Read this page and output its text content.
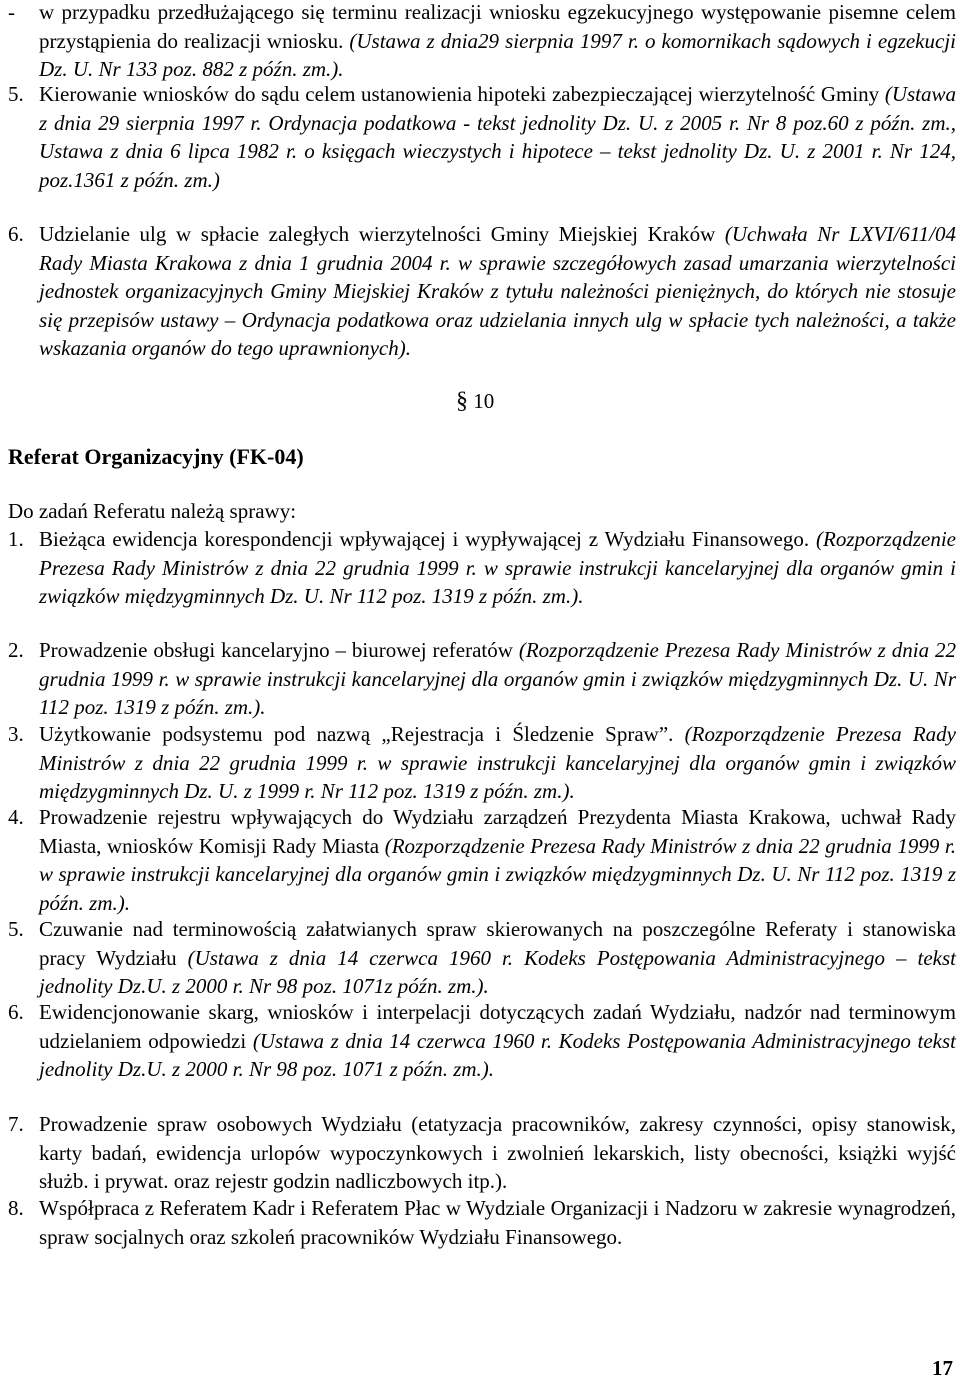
- w przypadku przedłużającego się terminu realizacji wniosku egzekucyjnego występowanie pisemne celem przystąpienia do realizacji wniosku. (Ustawa z dnia29 sierpnia 1997 r. o komornikach sądowych i egzekucji Dz. U. Nr 133 poz. 882 z późn. zm.).
5. Kierowanie wniosków do sądu celem ustanowienia hipoteki zabezpieczającej wierzytelność Gminy (Ustawa z dnia 29 sierpnia 1997 r. Ordynacja podatkowa - tekst jednolity Dz. U. z 2005 r. Nr 8 poz.60 z późn. zm., Ustawa z dnia 6 lipca 1982 r. o księgach wieczystych i hipotece – tekst jednolity Dz. U. z 2001 r. Nr 124, poz.1361 z późn. zm.)
6. Udzielanie ulg w spłacie zaległych wierzytelności Gminy Miejskiej Kraków (Uchwała Nr LXVI/611/04 Rady Miasta Krakowa z dnia 1 grudnia 2004 r. w sprawie szczegółowych zasad umarzania wierzytelności jednostek organizacyjnych Gminy Miejskiej Kraków z tytułu należności pieniężnych, do których nie stosuje się przepisów ustawy – Ordynacja podatkowa oraz udzielania innych ulg w spłacie tych należności, a także wskazania organów do tego uprawnionych).
§ 10
Referat Organizacyjny (FK-04)
Do zadań Referatu należą sprawy:
1. Bieżąca ewidencja korespondencji wpływającej i wypływającej z Wydziału Finansowego. (Rozporządzenie Prezesa Rady Ministrów z dnia 22 grudnia 1999 r. w sprawie instrukcji kancelaryjnej dla organów gmin i związków międzygminnych Dz. U. Nr 112 poz. 1319 z późn. zm.).
2. Prowadzenie obsługi kancelaryjno – biurowej referatów (Rozporządzenie Prezesa Rady Ministrów z dnia 22 grudnia 1999 r. w sprawie instrukcji kancelaryjnej dla organów gmin i związków międzygminnych Dz. U. Nr 112 poz. 1319 z późn. zm.).
3. Użytkowanie podsystemu pod nazwą „Rejestracja i Śledzenie Spraw”. (Rozporządzenie Prezesa Rady Ministrów z dnia 22 grudnia 1999 r. w sprawie instrukcji kancelaryjnej dla organów gmin i związków międzygminnych Dz. U. z 1999 r. Nr 112 poz. 1319 z późn. zm.).
4. Prowadzenie rejestru wpływających do Wydziału zarządzeń Prezydenta Miasta Krakowa, uchwał Rady Miasta, wniosków Komisji Rady Miasta (Rozporządzenie Prezesa Rady Ministrów z dnia 22 grudnia 1999 r. w sprawie instrukcji kancelaryjnej dla organów gmin i związków międzygminnych Dz. U. Nr 112 poz. 1319 z późn. zm.).
5. Czuwanie nad terminowością załatwianych spraw skierowanych na poszczególne Referaty i stanowiska pracy Wydziału (Ustawa z dnia 14 czerwca 1960 r. Kodeks Postępowania Administracyjnego – tekst jednolity Dz.U. z 2000 r. Nr 98 poz. 1071z późn. zm.).
6. Ewidencjonowanie skarg, wniosków i interpelacji dotyczących zadań Wydziału, nadzór nad terminowym udzielaniem odpowiedzi (Ustawa z dnia 14 czerwca 1960 r. Kodeks Postępowania Administracyjnego tekst jednolity Dz.U. z 2000 r. Nr 98 poz. 1071 z późn. zm.).
7. Prowadzenie spraw osobowych Wydziału (etatyzacja pracowników, zakresy czynności, opisy stanowisk, karty badań, ewidencja urlopów wypoczynkowych i zwolnień lekarskich, listy obecności, książki wyjść służb. i prywat. oraz rejestr godzin nadliczbowych itp.).
8. Współpraca z Referatem Kadr i Referatem Płac w Wydziale Organizacji i Nadzoru w zakresie wynagrodzeń, spraw socjalnych oraz szkoleń pracowników Wydziału Finansowego.
17
